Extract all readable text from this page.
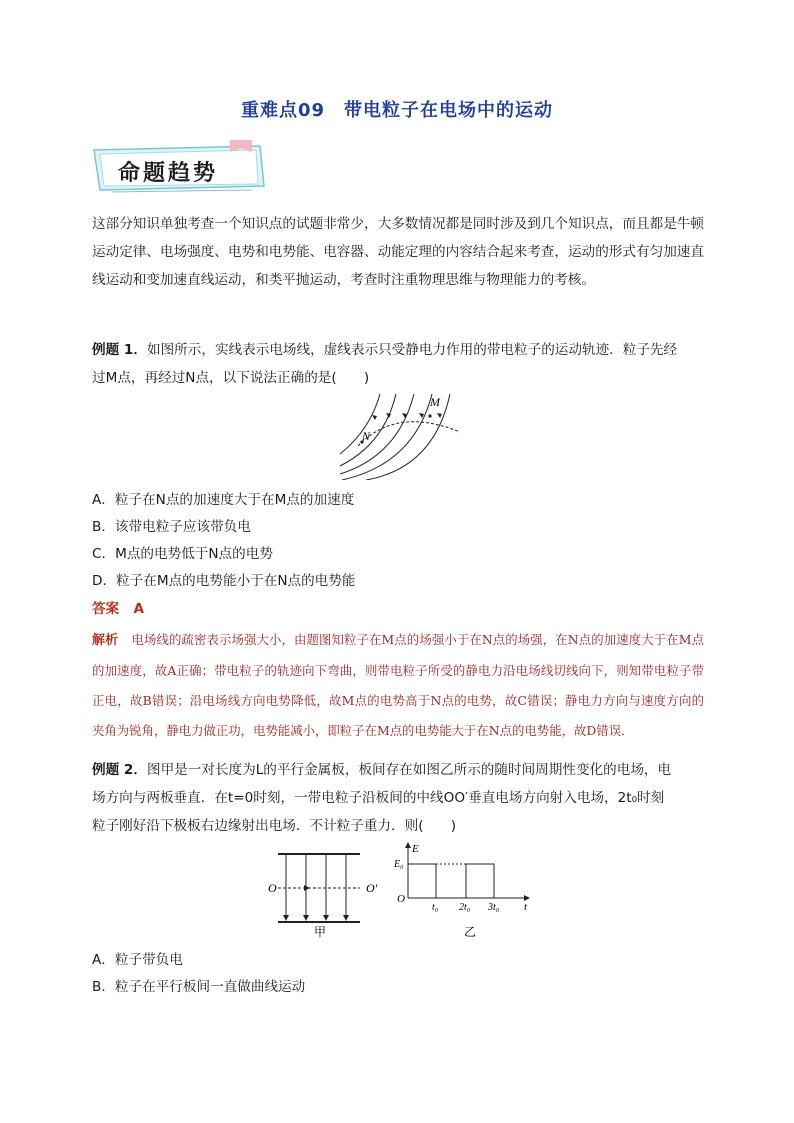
重难点09　带电粒子在电场中的运动
命题趋势
这部分知识单独考查一个知识点的试题非常少，大多数情况都是同时涉及到几个知识点，而且都是牛顿运动定律、电场强度、电势和电势能、电容器、动能定理的内容结合起来考查，运动的形式有匀加速直线运动和变加速直线运动，和类平抛运动，考查时注重物理思维与物理能力的考核。
例题 1．如图所示，实线表示电场线，虚线表示只受静电力作用的带电粒子的运动轨迹．粒子先经
过M点，再经过N点，以下说法正确的是(　　)
M
N
A．粒子在N点的加速度大于在M点的加速度
B．该带电粒子应该带负电
C．M点的电势低于N点的电势
D．粒子在M点的电势能小于在N点的电势能
答案 A
解析 电场线的疏密表示场强大小，由题图知粒子在M点的场强小于在N点的场强，在N点的加速度大于在M点的加速度，故A正确；带电粒子的轨迹向下弯曲，则带电粒子所受的静电力沿电场线切线向下，则知带电粒子带正电，故B错误；沿电场线方向电势降低，故M点的电势高于N点的电势，故C错误；静电力方向与速度方向的夹角为锐角，静电力做正功，电势能减小，即粒子在M点的电势能大于在N点的电势能，故D错误．
例题 2．图甲是一对长度为L的平行金属板，板间存在如图乙所示的随时间周期性变化的电场，电
场方向与两板垂直．在t=0时刻，一带电粒子沿板间的中线OO′垂直电场方向射入电场，2t₀时刻
粒子刚好沿下极板右边缘射出电场．不计粒子重力．则(　　)
O	O′
甲
E
t
O
E₀
t₀ 2t₀ 3t₀
乙
A．粒子带负电
B．粒子在平行板间一直做曲线运动
